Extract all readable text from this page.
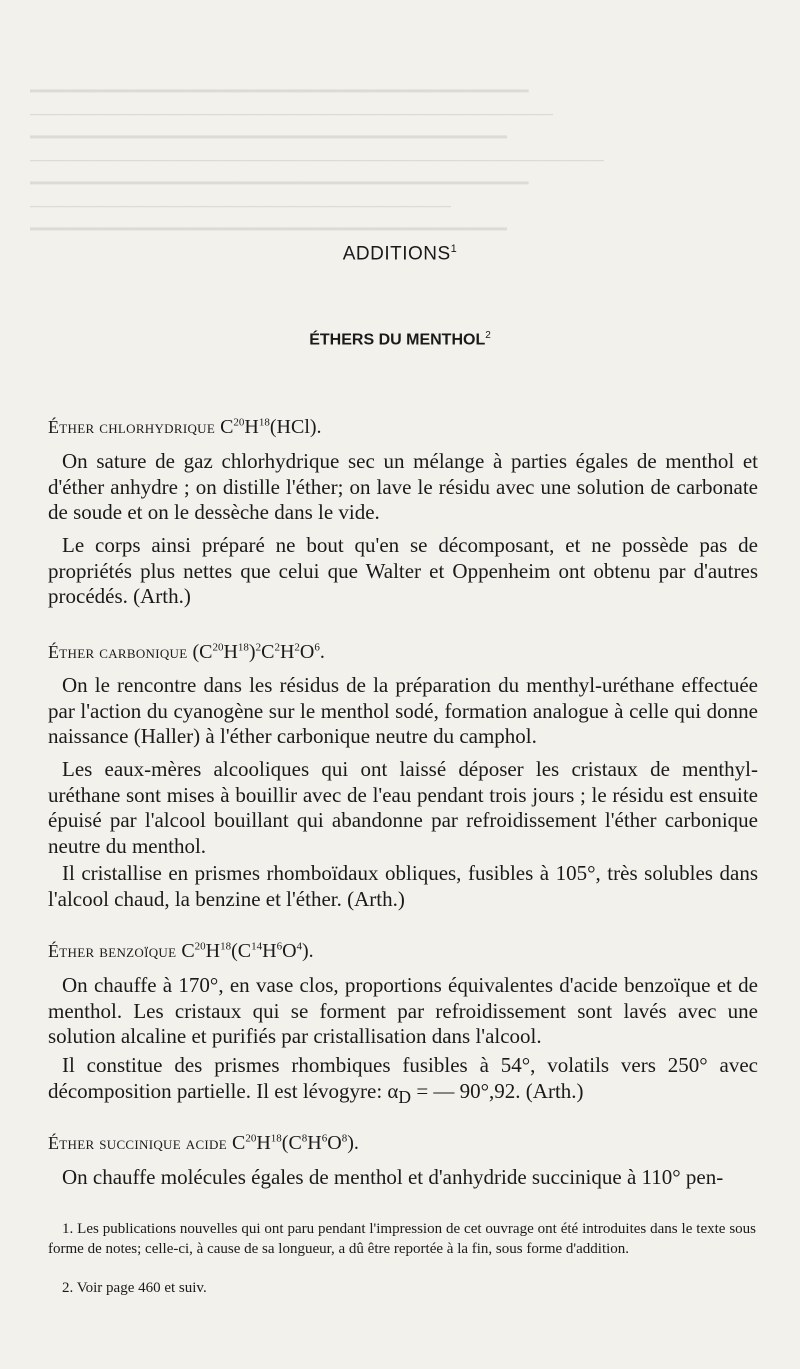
━━━━━━━━━━━━━━━━━━━━━━━━━━━━━━━━━━━━━━━━━━━━━━
─────────────────────────────────────────
━━━━━━━━━━━━━━━━━━━━━━━━━━━━━━━━━━━━━━━━━━━━
─────────────────────────────────────────────
━━━━━━━━━━━━━━━━━━━━━━━━━━━━━━━━━━━━━━━━━━━━━━
─────────────────────────────────
━━━━━━━━━━━━━━━━━━━━━━━━━━━━━━━━━━━━━━━━━━━━
ADDITIONS$^1$
ÉTHERS DU MENTHOL$^2$
Éther chlorhydrique $C^{20}H^{18}(HCl)$.
On sature de gaz chlorhydrique sec un mélange à parties égales de menthol et d'éther anhydre ; on distille l'éther; on lave le résidu avec une solution de carbonate de soude et on le dessèche dans le vide.
Le corps ainsi préparé ne bout qu'en se décomposant, et ne possède pas de propriétés plus nettes que celui que Walter et Oppenheim ont obtenu par d'autres procédés. (Arth.)
Éther carbonique $(C^{20}H^{18})^2C^2H^2O^6$.
On le rencontre dans les résidus de la préparation du menthyl-uréthane effectuée par l'action du cyanogène sur le menthol sodé, formation analogue à celle qui donne naissance (Haller) à l'éther carbonique neutre du camphol.
Les eaux-mères alcooliques qui ont laissé déposer les cristaux de menthyl-uréthane sont mises à bouillir avec de l'eau pendant trois jours ; le résidu est ensuite épuisé par l'alcool bouillant qui abandonne par refroidissement l'éther carbonique neutre du menthol.
Il cristallise en prismes rhomboïdaux obliques, fusibles à 105°, très solubles dans l'alcool chaud, la benzine et l'éther. (Arth.)
Éther benzoïque $C^{20}H^{18}(C^{14}H^6O^4)$.
On chauffe à 170°, en vase clos, proportions équivalentes d'acide benzoïque et de menthol. Les cristaux qui se forment par refroidissement sont lavés avec une solution alcaline et purifiés par cristallisation dans l'alcool.
Il constitue des prismes rhombiques fusibles à 54°, volatils vers 250° avec décomposition partielle. Il est lévogyre: $\alpha_D$ = — 90°,92. (Arth.)
Éther succinique acide $C^{20}H^{18}(C^8H^6O^8)$.
On chauffe molécules égales de menthol et d'anhydride succinique à 110° pen-
1. Les publications nouvelles qui ont paru pendant l'impression de cet ouvrage ont été introduites dans le texte sous forme de notes; celle-ci, à cause de sa longueur, a dû être reportée à la fin, sous forme d'addition.
2. Voir page 460 et suiv.
